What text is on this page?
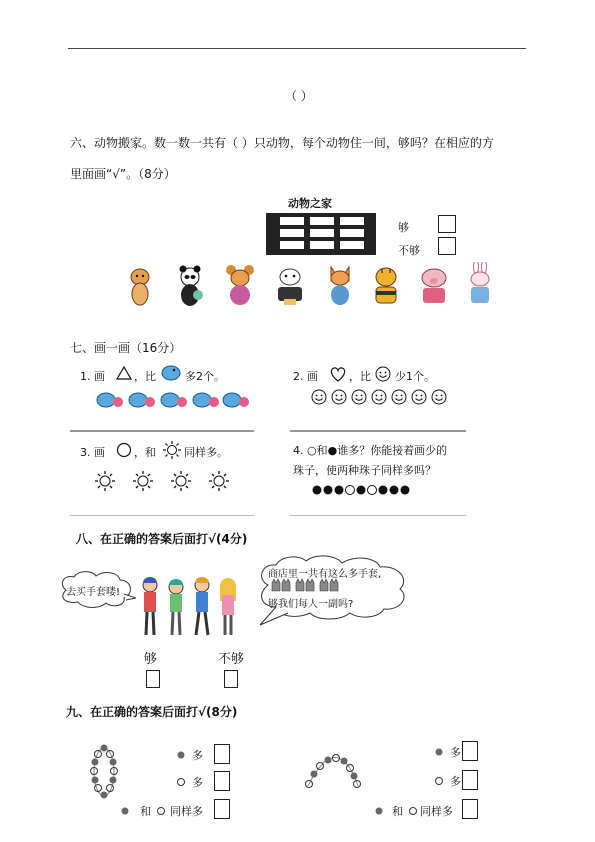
（ ）
六、动物搬家。数一数一共有（ ）只动物，每个动物住一间，够吗？在相应的方
里面画“√”。（8分）
动物之家
够
不够
七、画一画（16分）
1. 画	，比	多2个。	2. 画	，比 少1个。
3. 画	，和	同样多。	4. ○和●谁多？你能接着画少的
珠子，使两种珠子同样多吗？
八、在正确的答案后面打√(4分)
去买手套喽!
商店里一共有这么多手套,
够我们每人一副吗?
够	不够
九、在正确的答案后面打√(8分)
多
多
和 同样多
多
多
和 同样多
